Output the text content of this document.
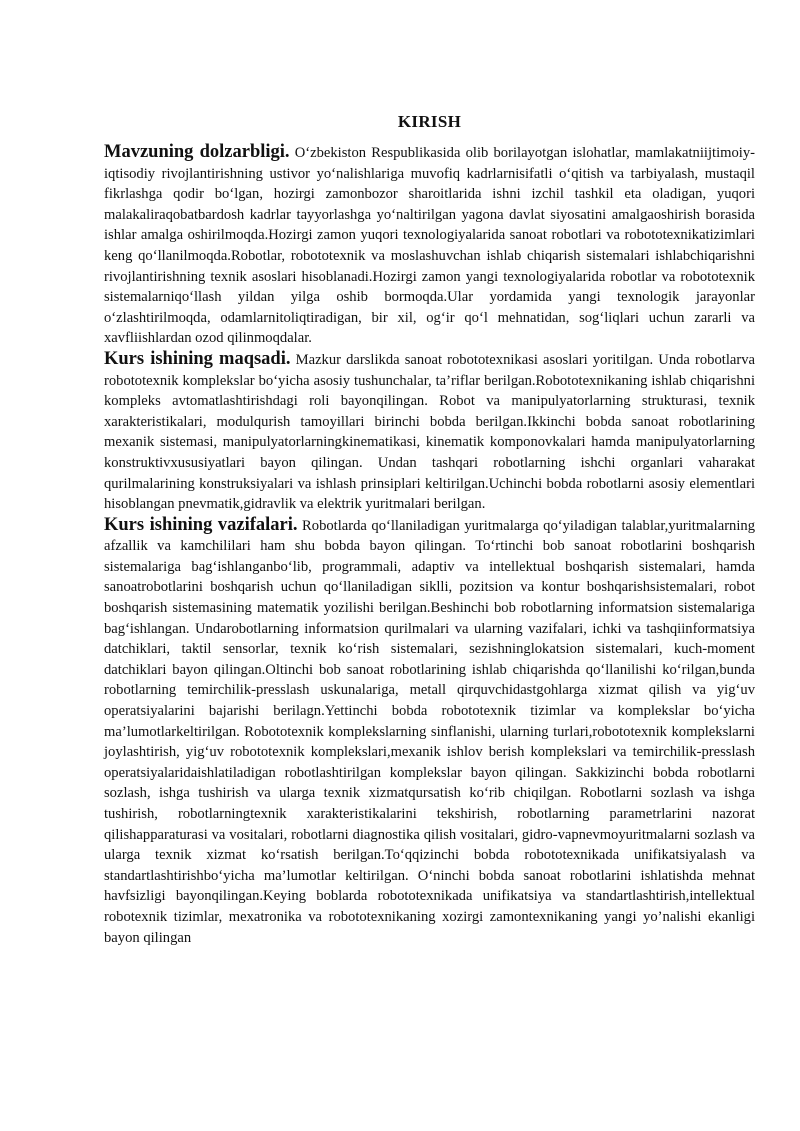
KIRISH

Mavzuning dolzarbligi. O‘zbekiston Respublikasida olib borilayotgan islohatlar, mamlakatniijtimoiy-iqtisodiy rivojlantirishning ustivor yo‘nalishlariga muvofiq kadrlarnisifatli o‘qitish va tarbiyalash, mustaqil fikrlashga qodir bo‘lgan, hozirgi zamonbozor sharoitlarida ishni izchil tashkil eta oladigan, yuqori malakaliraqobatbardosh kadrlar tayyorlashga yo‘naltirilgan yagona davlat siyosatini amalgaoshirish borasida ishlar amalga oshirilmoqda.Hozirgi zamon yuqori texnologiyalarida sanoat robotlari va robototexnikatizimlari keng qo‘llanilmoqda.Robotlar, robototexnik va moslashuvchan ishlab chiqarish sistemalari ishlabchiqarishni rivojlantirishning texnik asoslari hisoblanadi.Hozirgi zamon yangi texnologiyalarida robotlar va robototexnik sistemalarniqo‘llash yildan yilga oshib bormoqda.Ular yordamida yangi texnologik jarayonlar o‘zlashtirilmoqda, odamlarnitoliqtiradigan, bir xil, og‘ir qo‘l mehnatidan, sog‘liqlari uchun zararli va xavfliishlardan ozod qilinmoqdalar.

Kurs ishining maqsadi. Mazkur darslikda sanoat robototexnikasi asoslari yoritilgan. Unda robotlarva robototexnik komplekslar bo‘yicha asosiy tushunchalar, ta’riflar berilgan.Robototexnikaning ishlab chiqarishni kompleks avtomatlashtirishdagi roli bayonqilingan. Robot va manipulyatorlarning strukturasi, texnik xarakteristikalari, modulqurish tamoyillari birinchi bobda berilgan.Ikkinchi bobda sanoat robotlarining mexanik sistemasi, manipulyatorlarningkinematikasi, kinematik komponovkalari hamda manipulyatorlarning konstruktivxususiyatlari bayon qilingan. Undan tashqari robotlarning ishchi organlari vaharakat qurilmalarining konstruksiyalari va ishlash prinsiplari keltirilgan.Uchinchi bobda robotlarni asosiy elementlari hisoblangan pnevmatik,gidravlik va elektrik yuritmalari berilgan.

Kurs ishining vazifalari. Robotlarda qo‘llaniladigan yuritmalarga qo‘yiladigan talablar,yuritmalarning afzallik va kamchililari ham shu bobda bayon qilingan. To‘rtinchi bob sanoat robotlarini boshqarish sistemalariga bag‘ishlanganbo‘lib, programmali, adaptiv va intellektual boshqarish sistemalari, hamda sanoatrobotlarini boshqarish uchun qo‘llaniladigan siklli, pozitsion va kontur boshqarishsistemalari, robot boshqarish sistemasining matematik yozilishi berilgan.Beshinchi bob robotlarning informatsion sistemalariga bag‘ishlangan. Undarobotlarning informatsion qurilmalari va ularning vazifalari, ichki va tashqiinformatsiya datchiklari, taktil sensorlar, texnik ko‘rish sistemalari, sezishninglokatsion sistemalari, kuch-moment datchiklari bayon qilingan.Oltinchi bob sanoat robotlarining ishlab chiqarishda qo‘llanilishi ko‘rilgan,bunda robotlarning temirchilik-presslash uskunalariga, metall qirquvchidastgohlarga xizmat qilish va yig‘uv operatsiyalarini bajarishi berilagn.Yettinchi bobda robototexnik tizimlar va komplekslar bo‘yicha ma’lumotlarkeltirilgan. Robototexnik komplekslarning sinflanishi, ularning turlari,robototexnik komplekslarni joylashtirish, yig‘uv robototexnik komplekslari,mexanik ishlov berish komplekslari va temirchilik-presslash operatsiyalaridaishlatiladigan robotlashtirilgan komplekslar bayon qilingan. Sakkizinchi bobda robotlarni sozlash, ishga tushirish va ularga texnik xizmatqursatish ko‘rib chiqilgan. Robotlarni sozlash va ishga tushirish, robotlarningtexnik xarakteristikalarini tekshirish, robotlarning parametrlarini nazorat qilishapparaturasi va vositalari, robotlarni diagnostika qilish vositalari, gidro-vapnevmoyuritmalarni sozlash va ularga texnik xizmat ko‘rsatish berilgan.To‘qqizinchi bobda robototexnikada unifikatsiyalash va standartlashtirishbo‘yicha ma’lumotlar keltirilgan. O‘ninchi bobda sanoat robotlarini ishlatishda mehnat havfsizligi bayonqilingan.Keying boblarda robototexnikada unifikatsiya va standartlashtirish,intellektual robotexnik tizimlar, mexatronika va robototexnikaning xozirgi zamontexnikaning yangi yo’nalishi ekanligi bayon qilingan
